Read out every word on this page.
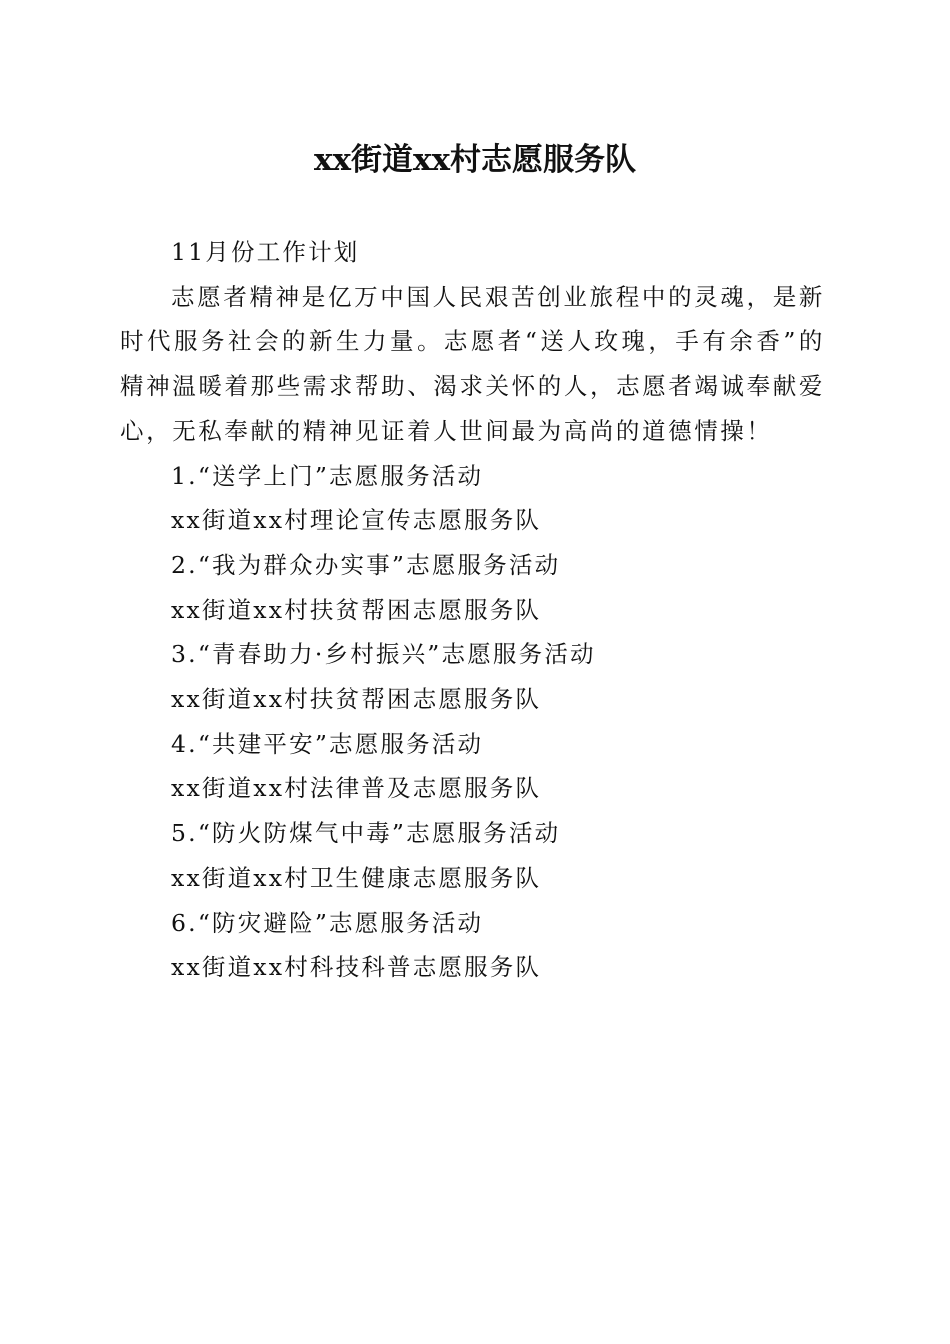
xx街道xx村志愿服务队

11月份工作计划

志愿者精神是亿万中国人民艰苦创业旅程中的灵魂，是新时代服务社会的新生力量。志愿者“送人玫瑰，手有余香”的精神温暖着那些需求帮助、渴求关怀的人，志愿者竭诚奉献爱心，无私奉献的精神见证着人世间最为高尚的道德情操！

1.“送学上门”志愿服务活动

xx街道xx村理论宣传志愿服务队

2.“我为群众办实事”志愿服务活动

xx街道xx村扶贫帮困志愿服务队

3.“青春助力·乡村振兴”志愿服务活动

xx街道xx村扶贫帮困志愿服务队

4.“共建平安”志愿服务活动

xx街道xx村法律普及志愿服务队

5.“防火防煤气中毒”志愿服务活动

xx街道xx村卫生健康志愿服务队

6.“防灾避险”志愿服务活动

xx街道xx村科技科普志愿服务队
